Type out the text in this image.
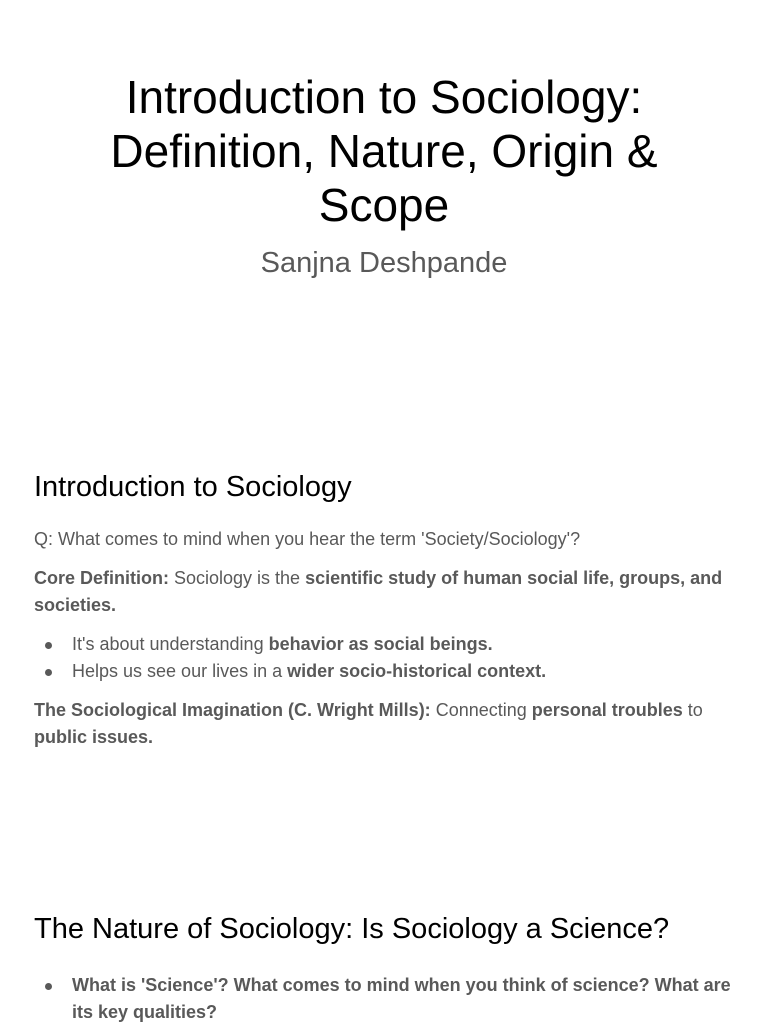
Introduction to Sociology: Definition, Nature, Origin & Scope
Sanjna Deshpande
Introduction to Sociology

Q: What comes to mind when you hear the term 'Society/Sociology'?

Core Definition: Sociology is the scientific study of human social life, groups, and societies.

It's about understanding behavior as social beings.
Helps us see our lives in a wider socio-historical context.

The Sociological Imagination (C. Wright Mills): Connecting personal troubles to public issues.

The Nature of Sociology: Is Sociology a Science?
What is 'Science'? What comes to mind when you think of science? What are its key qualities?
